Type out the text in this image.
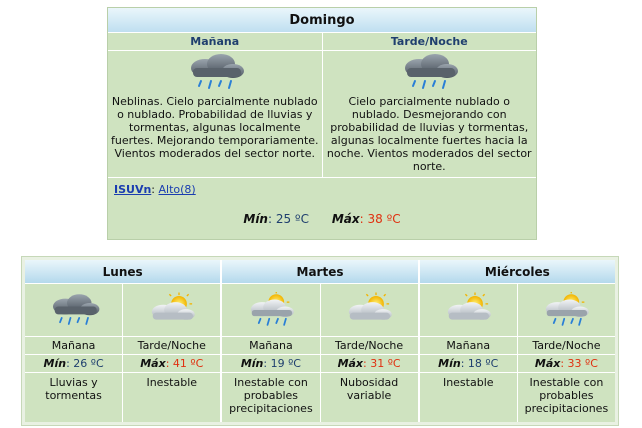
Domingo
Mañana
Neblinas. Cielo parcialmente nublado o nublado. Probabilidad de lluvias y tormentas, algunas localmente fuertes. Mejorando temporariamente. Vientos moderados del sector norte.
Tarde/Noche
Cielo parcialmente nublado o nublado. Desmejorando con probabilidad de lluvias y tormentas, algunas localmente fuertes hacia la noche. Vientos moderados del sector norte.
ISUVn: Alto(8)
Mín: 25 ºC Máx: 38 ºC
Lunes
Mañana
Mín: 26 ºC
Lluvias y tormentas
Tarde/Noche
Máx: 41 ºC
Inestable
Martes
Mañana
Mín: 19 ºC
Inestable con probables precipitaciones
Tarde/Noche
Máx: 31 ºC
Nubosidad variable
Miércoles
Mañana
Mín: 18 ºC
Inestable
Tarde/Noche
Máx: 33 ºC
Inestable con probables precipitaciones
